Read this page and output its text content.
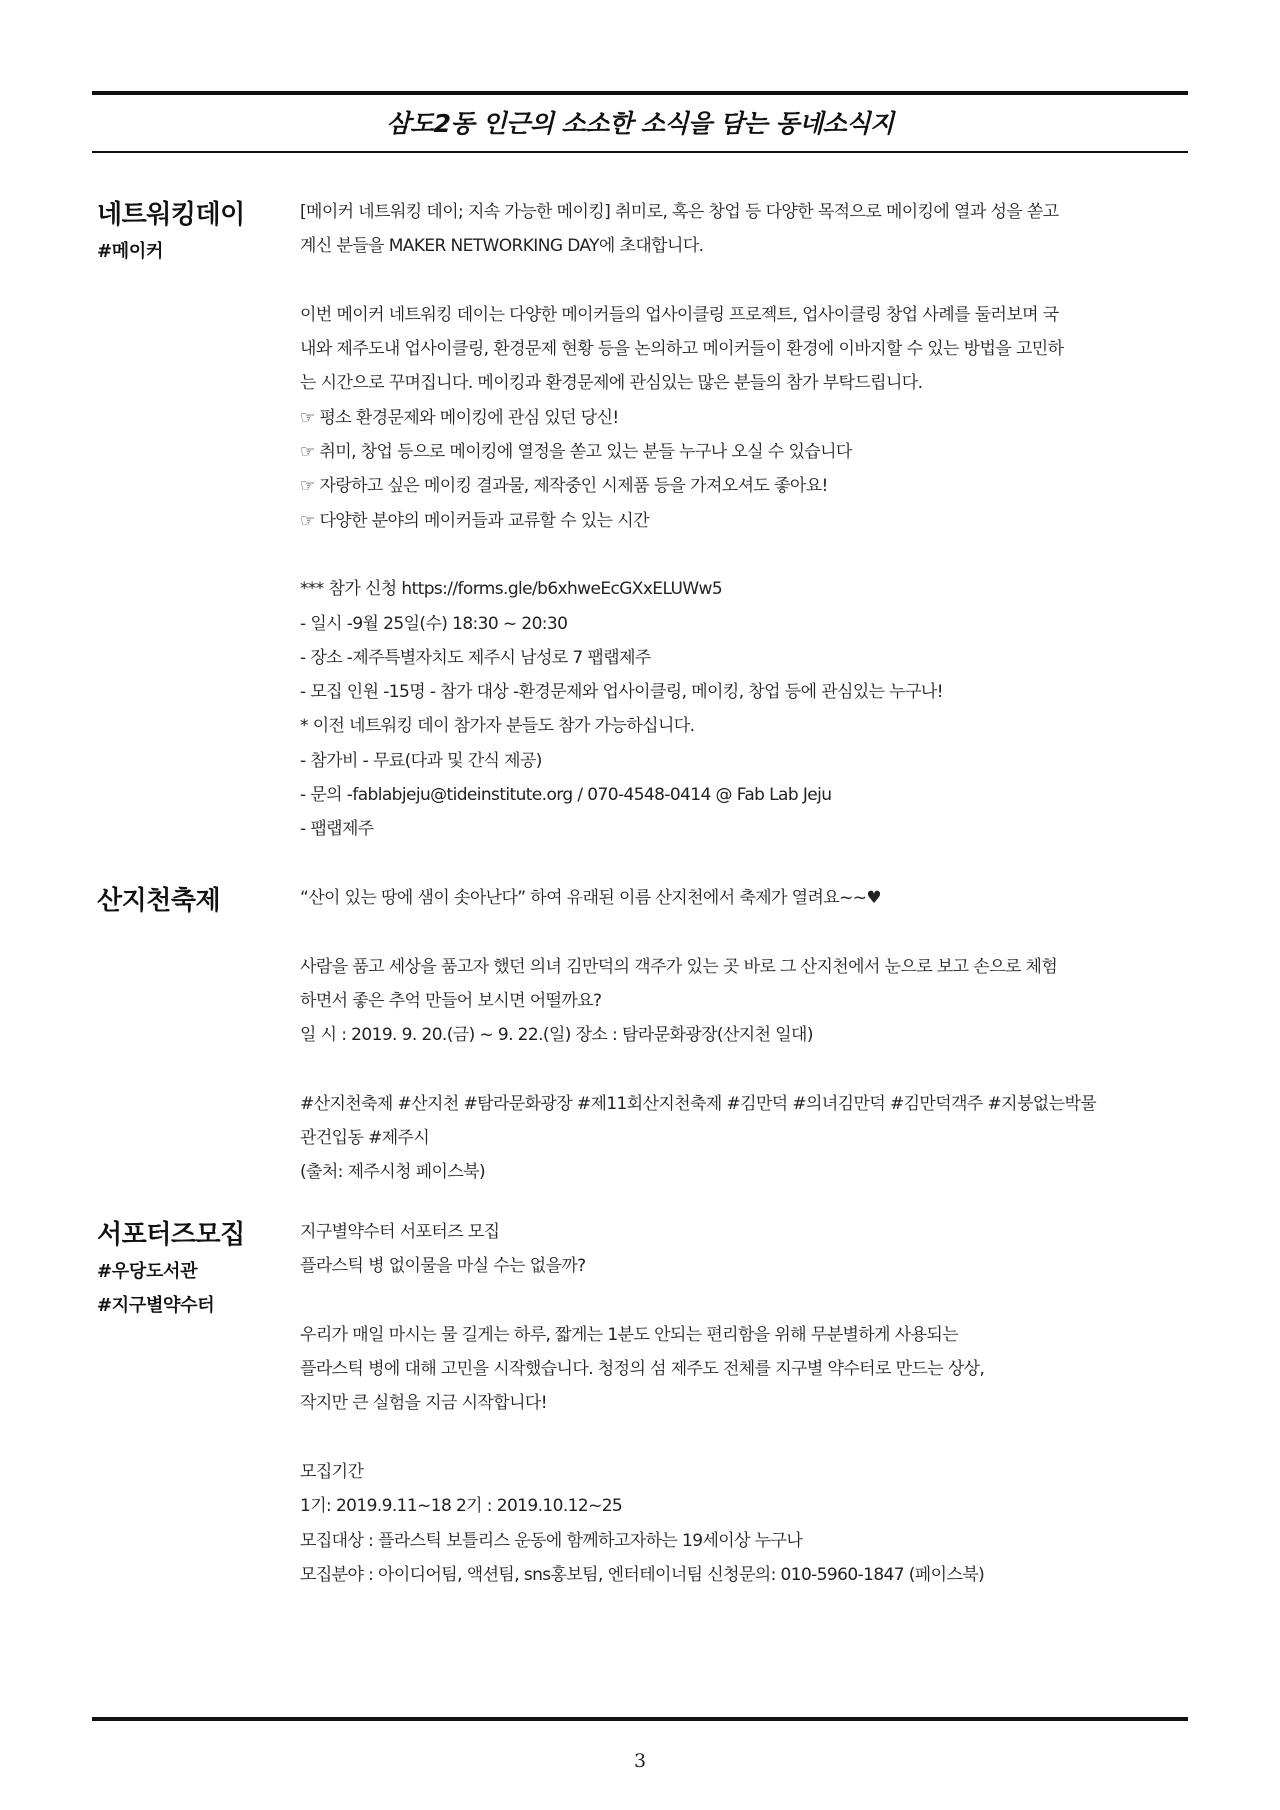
삼도2동 인근의 소소한 소식을 담는 동네소식지
네트워킹데이
#메이커
[메이커 네트워킹 데이; 지속 가능한 메이킹] 취미로, 혹은 창업 등 다양한 목적으로 메이킹에 열과 성을 쏟고
계신 분들을 MAKER NETWORKING DAY에 초대합니다.
이번 메이커 네트워킹 데이는 다양한 메이커들의 업사이클링 프로젝트, 업사이클링 창업 사례를 둘러보며 국
내와 제주도내 업사이클링, 환경문제 현황 등을 논의하고 메이커들이 환경에 이바지할 수 있는 방법을 고민하
는 시간으로 꾸며집니다. 메이킹과 환경문제에 관심있는 많은 분들의 참가 부탁드립니다.
☞ 평소 환경문제와 메이킹에 관심 있던 당신!
☞ 취미, 창업 등으로 메이킹에 열정을 쏟고 있는 분들 누구나 오실 수 있습니다
☞ 자랑하고 싶은 메이킹 결과물, 제작중인 시제품 등을 가져오셔도 좋아요!
☞ 다양한 분야의 메이커들과 교류할 수 있는 시간
*** 참가 신청 https://forms.gle/b6xhweEcGXxELUWw5
- 일시 -9월 25일(수) 18:30 ~ 20:30
- 장소 -제주특별자치도 제주시 남성로 7 팹랩제주
- 모집 인원 -15명 - 참가 대상 -환경문제와 업사이클링, 메이킹, 창업 등에 관심있는 누구나!
* 이전 네트워킹 데이 참가자 분들도 참가 가능하십니다.
- 참가비 - 무료(다과 및 간식 제공)
- 문의 -fablabjeju@tideinstitute.org / 070-4548-0414 @ Fab Lab Jeju
- 팹랩제주
산지천축제	“산이 있는 땅에 샘이 솟아난다” 하여 유래된 이름 산지천에서 축제가 열려요~~♥
사람을 품고 세상을 품고자 했던 의녀 김만덕의 객주가 있는 곳 바로 그 산지천에서 눈으로 보고 손으로 체험
하면서 좋은 추억 만들어 보시면 어떨까요?
일 시 : 2019. 9. 20.(금) ~ 9. 22.(일) 장소 : 탐라문화광장(산지천 일대)
#산지천축제 #산지천 #탐라문화광장 #제11회산지천축제 #김만덕 #의녀김만덕 #김만덕객주 #지붕없는박물
관건입동 #제주시
(출처: 제주시청 페이스북)
서포터즈모집
#우당도서관
#지구별약수터
지구별약수터 서포터즈 모집
플라스틱 병 없이물을 마실 수는 없을까?
우리가 매일 마시는 물 길게는 하루, 짧게는 1분도 안되는 편리함을 위해 무분별하게 사용되는
플라스틱 병에 대해 고민을 시작했습니다. 청정의 섬 제주도 전체를 지구별 약수터로 만드는 상상,
작지만 큰 실험을 지금 시작합니다!
모집기간
1기: 2019.9.11~18 2기 : 2019.10.12~25
모집대상 : 플라스틱 보틀리스 운동에 함께하고자하는 19세이상 누구나
모집분야 : 아이디어팀, 액션팀, sns홍보팀, 엔터테이너팀 신청문의: 010-5960-1847 (페이스북)
3
